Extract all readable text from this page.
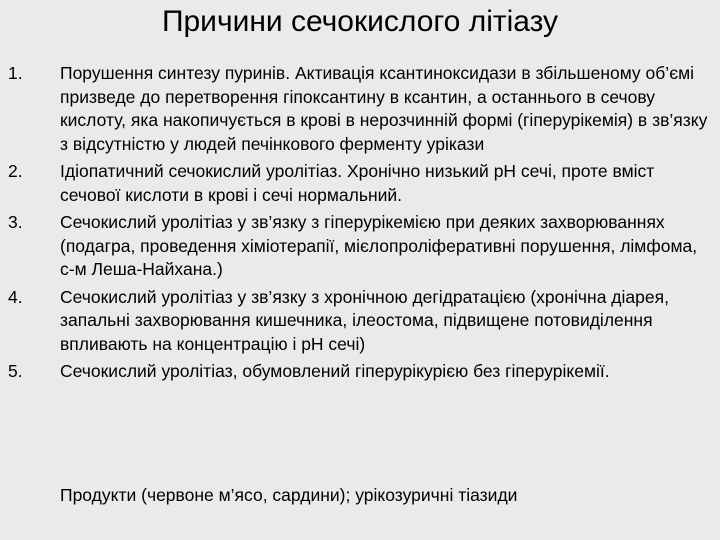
Причини сечокислого літіазу
1. Порушення синтезу пуринів. Активація ксантиноксидази в збільшеному об’ємі призведе до перетворення гіпоксантину в ксантин, а останнього в сечову кислоту, яка накопичується в крові в нерозчинній формі (гіперурікемія) в зв’язку з відсутністю у людей печінкового ферменту урікази
2. Ідіопатичний сечокислий уролітіаз. Хронічно низький pH сечі, проте вміст сечової кислоти в крові і сечі нормальний.
3. Сечокислий уролітіаз у зв’язку з гіперурікемією при деяких захворюваннях (подагра, проведення хіміотерапії, мієлопроліферативні порушення, лімфома, с-м Леша-Найхана.)
4. Сечокислий уролітіаз у зв’язку з хронічною дегідратацією (хронічна діарея, запальні захворювання кишечника, ілеостома, підвищене потовиділення впливають на концентрацію і pH сечі)
5. Сечокислий уролітіаз, обумовлений гіперурікурією без гіперурікемії.

Продукти (червоне м’ясо, сардини); урікозуричні тіазиди
